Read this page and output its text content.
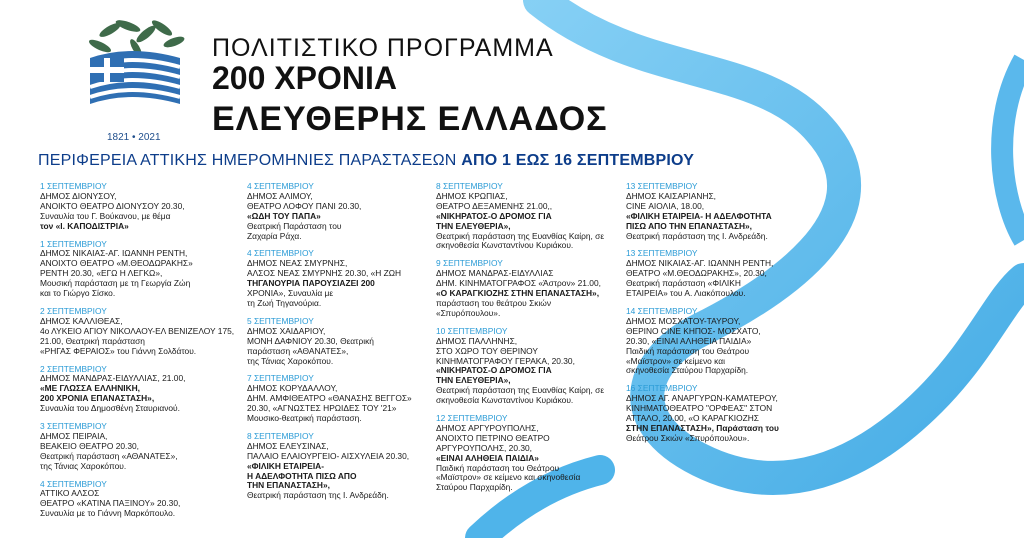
ΠΟΛΙΤΙΣΤΙΚΟ ΠΡΟΓΡΑΜΜΑ
200 ΧΡΟΝΙΑ
ΕΛΕΥΘΕΡΗΣ ΕΛΛΑΔΟΣ
1821 • 2021
ΠΕΡΙΦΕΡΕΙΑ ΑΤΤΙΚΗΣ ΗΜΕΡΟΜΗΝΙΕΣ ΠΑΡΑΣΤΑΣΕΩΝ ΑΠΟ 1 ΕΩΣ 16 ΣΕΠΤΕΜΒΡΙΟΥ
1 ΣΕΠΤΕΜΒΡΙΟΥ
ΔΗΜΟΣ ΔΙΟΝΥΣΟΥ,
ΑΝΟΙΚΤΟ ΘΕΑΤΡΟ ΔΙΟΝΥΣΟΥ 20.30,
Συναυλία του Γ. Βούκανου, με θέμα
τον «Ι. ΚΑΠΟΔΙΣΤΡΙΑ»
1 ΣΕΠΤΕΜΒΡΙΟΥ
ΔΗΜΟΣ ΝΙΚΑΙΑΣ-ΑΓ. ΙΩΑΝΝΗ ΡΕΝΤΗ,
ΑΝΟΙΧΤΟ ΘΕΑΤΡΟ «Μ.ΘΕΟΔΩΡΑΚΗΣ»
ΡΕΝΤΗ 20.30, «ΕΓΩ Η ΛΕΓΚΩ»,
Μουσική παράσταση με τη Γεωργία Ζώη
και το Γιώργο Σίσκο.
2 ΣΕΠΤΕΜΒΡΙΟΥ
ΔΗΜΟΣ ΚΑΛΛΙΘΕΑΣ,
4ο ΛΥΚΕΙΟ ΑΓΙΟΥ ΝΙΚΟΛΑΟΥ-ΕΛ ΒΕΝΙΖΕΛΟΥ 175,
21.00, Θεατρική παράσταση
«ΡΗΓΑΣ ΦΕΡΑΙΟΣ» του Γιάννη Σολδάτου.
2 ΣΕΠΤΕΜΒΡΙΟΥ
ΔΗΜΟΣ ΜΑΝΔΡΑΣ-ΕΙΔΥΛΛΙΑΣ, 21.00,
«ΜΕ ΓΛΩΣΣΑ ΕΛΛΗΝΙΚΗ,
200 ΧΡΟΝΙΑ ΕΠΑΝΑΣΤΑΣΗ»,
Συναυλία του Δημοσθένη Σταυριανού.
3 ΣΕΠΤΕΜΒΡΙΟΥ
ΔΗΜΟΣ ΠΕΙΡΑΙΑ,
ΒΕΑΚΕΙΟ ΘΕΑΤΡΟ 20.30,
Θεατρική παράσταση «ΑΘΑΝΑΤΕΣ»,
της Τάνιας Χαροκόπου.
4 ΣΕΠΤΕΜΒΡΙΟΥ
ΑΤΤΙΚΟ ΑΛΣΟΣ
ΘΕΑΤΡΟ «ΚΑΤΙΝΑ ΠΑΞΙΝΟΥ» 20.30,
Συναυλία με το Γιάννη Μαρκόπουλο.
4 ΣΕΠΤΕΜΒΡΙΟΥ
ΔΗΜΟΣ ΑΛΙΜΟΥ,
ΘΕΑΤΡΟ ΛΟΦΟΥ ΠΑΝΙ 20.30,
«ΩΔΗ ΤΟΥ ΠΑΠΑ»
Θεατρική Παράσταση του
Ζαχαρία Ράχα.
4 ΣΕΠΤΕΜΒΡΙΟΥ
ΔΗΜΟΣ ΝΕΑΣ ΣΜΥΡΝΗΣ,
ΑΛΣΟΣ ΝΕΑΣ ΣΜΥΡΝΗΣ 20.30, «Η ΖΩΗ
ΤΗΓΑΝΟΥΡΙΑ ΠΑΡΟΥΣΙΑΖΕΙ 200
ΧΡΟΝΙΑ», Συναυλία με
τη Ζωή Τηγανούρια.
5 ΣΕΠΤΕΜΒΡΙΟΥ
ΔΗΜΟΣ ΧΑΙΔΑΡΙΟΥ,
ΜΟΝΗ ΔΑΦΝΙΟΥ 20.30, Θεατρική
παράσταση «ΑΘΑΝΑΤΕΣ»,
της Τάνιας Χαροκόπου.
7 ΣΕΠΤΕΜΒΡΙΟΥ
ΔΗΜΟΣ ΚΟΡΥΔΑΛΛΟΥ,
ΔΗΜ. ΑΜΦΙΘΕΑΤΡΟ «ΘΑΝΑΣΗΣ ΒΕΓΓΟΣ»
20.30, «ΑΓΝΩΣΤΕΣ ΗΡΩΙΔΕΣ ΤΟΥ '21»
Μουσικο-θεατρική παράσταση.
8 ΣΕΠΤΕΜΒΡΙΟΥ
ΔΗΜΟΣ ΕΛΕΥΣΙΝΑΣ,
ΠΑΛΑΙΟ ΕΛΑΙΟΥΡΓΕΙΟ- ΑΙΣΧΥΛΕΙΑ 20.30,
«ΦΙΛΙΚΗ ΕΤΑΙΡΕΙΑ-
Η ΑΔΕΛΦΟΤΗΤΑ ΠΙΣΩ ΑΠΟ
ΤΗΝ ΕΠΑΝΑΣΤΑΣΗ»,
Θεατρική παράσταση της Ι. Ανδρεάδη.
8 ΣΕΠΤΕΜΒΡΙΟΥ
ΔΗΜΟΣ ΚΡΩΠΙΑΣ,
ΘΕΑΤΡΟ ΔΕΞΑΜΕΝΗΣ 21.00,,
«ΝΙΚΗΡΑΤΟΣ-Ο ΔΡΟΜΟΣ ΓΙΑ
ΤΗΝ ΕΛΕΥΘΕΡΙΑ»,
Θεατρική παράσταση της Ευανθίας Καίρη, σε
σκηνοθεσία Κωνσταντίνου Κυριάκου.
9 ΣΕΠΤΕΜΒΡΙΟΥ
ΔΗΜΟΣ ΜΑΝΔΡΑΣ-ΕΙΔΥΛΛΙΑΣ
ΔΗΜ. ΚΙΝΗΜΑΤΟΓΡΑΦΟΣ «Άστρον» 21.00,
«Ο ΚΑΡΑΓΚΙΟΖΗΣ ΣΤΗΝ ΕΠΑΝΑΣΤΑΣΗ»,
παράσταση του θεάτρου Σκιών
«Σπυρόπουλου».
10 ΣΕΠΤΕΜΒΡΙΟΥ
ΔΗΜΟΣ ΠΑΛΛΗΝΗΣ,
ΣΤΟ ΧΩΡΟ ΤΟΥ ΘΕΡΙΝΟΥ
ΚΙΝΗΜΑΤΟΓΡΑΦΟΥ ΓΕΡΑΚΑ, 20.30,
«ΝΙΚΗΡΑΤΟΣ-Ο ΔΡΟΜΟΣ ΓΙΑ
ΤΗΝ ΕΛΕΥΘΕΡΙΑ»,
Θεατρική παράσταση της Ευανθίας Καίρη, σε
σκηνοθεσία Κωνσταντίνου Κυριάκου.
12 ΣΕΠΤΕΜΒΡΙΟΥ
ΔΗΜΟΣ ΑΡΓΥΡΟΥΠΟΛΗΣ,
ΑΝΟΙΧΤΟ ΠΕΤΡΙΝΟ ΘΕΑΤΡΟ
ΑΡΓΥΡΟΥΠΟΛΗΣ, 20.30,
«ΕΙΝΑΙ ΑΛΗΘΕΙΑ ΠΑΙΔΙΑ»
Παιδική παράσταση του Θεάτρου
«Μαϊστρον» σε κείμενο και σκηνοθεσία
Σταύρου Παρχαρίδη.
13 ΣΕΠΤΕΜΒΡΙΟΥ
ΔΗΜΟΣ ΚΑΙΣΑΡΙΑΝΗΣ,
CINE ΑΙΟΛΙΑ, 18.00,
«ΦΙΛΙΚΗ ΕΤΑΙΡΕΙΑ- Η ΑΔΕΛΦΟΤΗΤΑ
ΠΙΣΩ ΑΠΟ ΤΗΝ ΕΠΑΝΑΣΤΑΣΗ»,
Θεατρική παράσταση της Ι. Ανδρεάδη.
13 ΣΕΠΤΕΜΒΡΙΟΥ
ΔΗΜΟΣ ΝΙΚΑΙΑΣ-ΑΓ. ΙΩΑΝΝΗ ΡΕΝΤΗ,
ΘΕΑΤΡΟ «Μ.ΘΕΟΔΩΡΑΚΗΣ», 20.30,
Θεατρική παράσταση «ΦΙΛΙΚΗ
ΕΤΑΙΡΕΙΑ» του Α. Λιακόπουλου.
14 ΣΕΠΤΕΜΒΡΙΟΥ
ΔΗΜΟΣ ΜΟΣΧΑΤΟΥ-ΤΑΥΡΟΥ,
ΘΕΡΙΝΟ CINE ΚΗΠΟΣ- ΜΟΣΧΑΤΟ,
20.30, «ΕΙΝΑΙ ΑΛΗΘΕΙΑ ΠΑΙΔΙΑ»
Παιδική παράσταση του Θεάτρου
«Μαϊστρον» σε κείμενο και
σκηνοθεσία Σταύρου Παρχαρίδη.
16 ΣΕΠΤΕΜΒΡΙΟΥ
ΔΗΜΟΣ ΑΓ. ΑΝΑΡΓΥΡΩΝ-ΚΑΜΑΤΕΡΟΥ,
ΚΙΝΗΜΑΤΟΘΕΑΤΡΟ "ΟΡΦΕΑΣ" ΣΤΟΝ
ΑΤΤΑΛΟ, 20.00, «Ο ΚΑΡΑΓΚΙΟΖΗΣ
ΣΤΗΝ ΕΠΑΝΑΣΤΑΣΗ», Παράσταση του
Θεάτρου Σκιών «Σπυρόπουλου».
